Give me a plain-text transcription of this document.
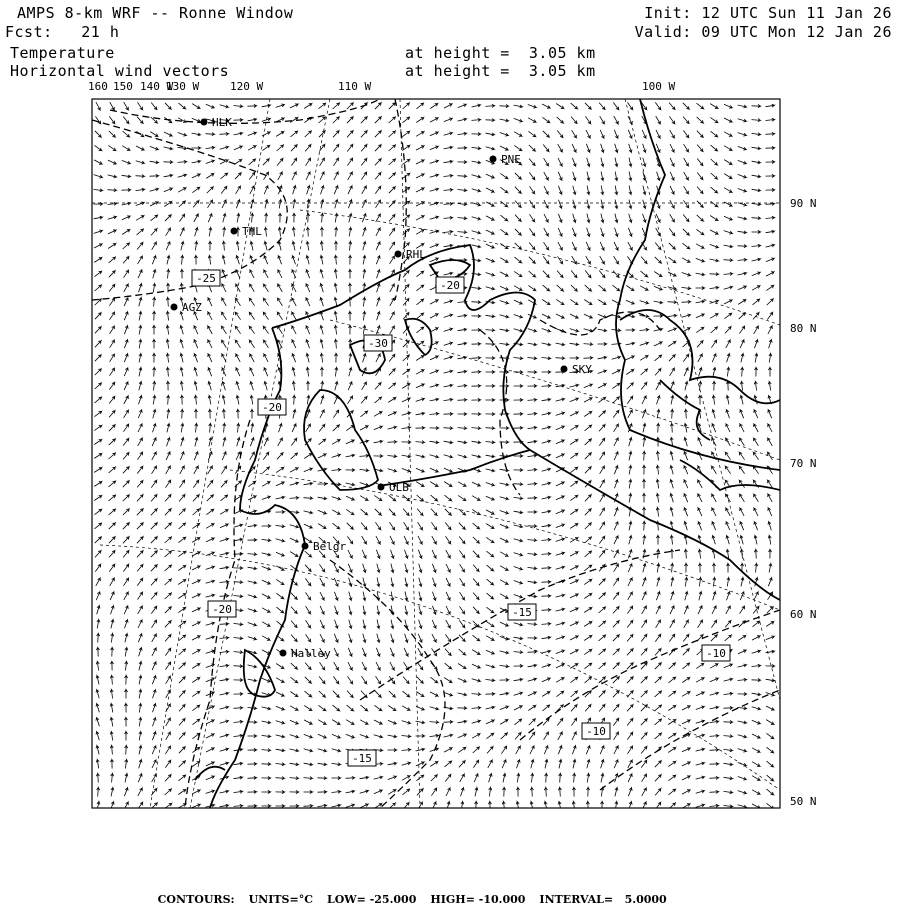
AMPS 8-km WRF -- Ronne Window	Init: 12 UTC Sun 11 Jan 26
Fcst:   21 h	Valid: 09 UTC Mon 12 Jan 26
Temperature	at height =  3.05 km
Horizontal wind vectors	at height =  3.05 km
HLK
PNE
THL
RHL
AGZ
SKY
OLB
Belgr
Halley
-25
-20
-30
-20
-20	-15
-10
-15
-10
160 150 140 W
130 W	120 W	110 W	100 W
90 N
80 N
70 N
60 N
50 N

CONTOURS: UNITS=°C LOW= -25.000 HIGH= -10.000 INTERVAL=   5.0000
